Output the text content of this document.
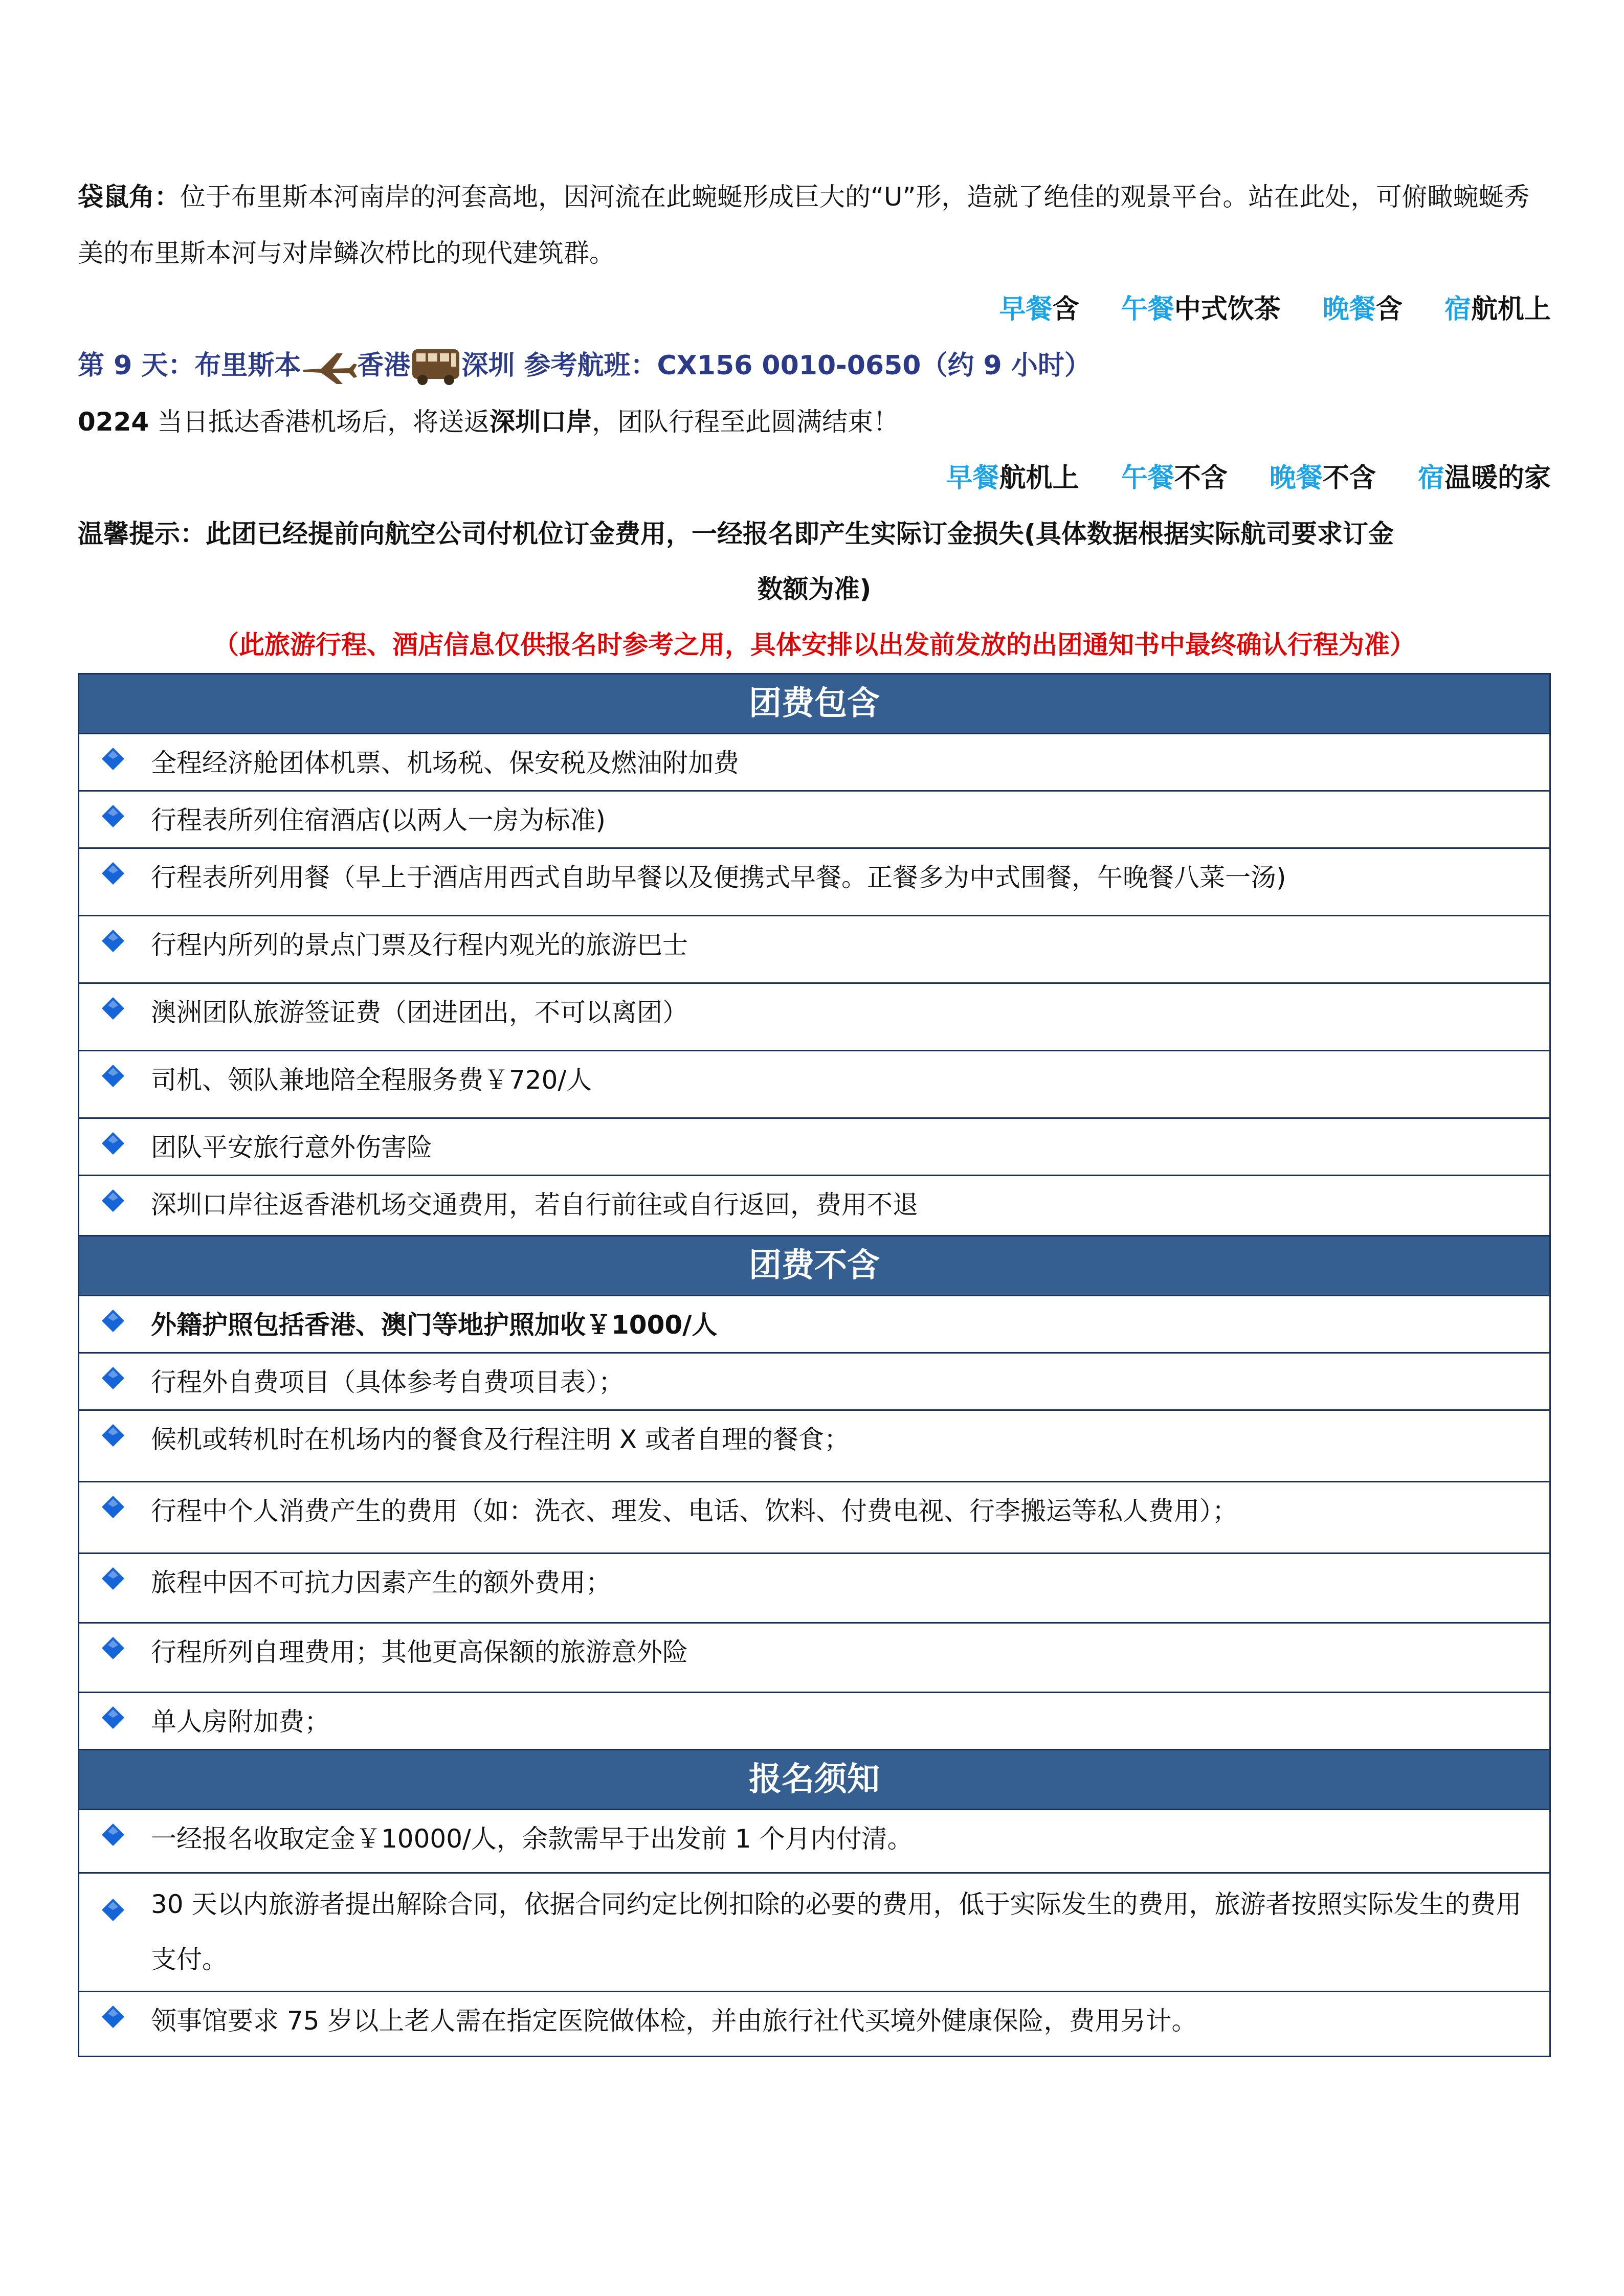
袋鼠角：位于布里斯本河南岸的河套高地，因河流在此蜿蜒形成巨大的“U”形，造就了绝佳的观景平台。站在此处，可俯瞰蜿蜒秀美的布里斯本河与对岸鳞次栉比的现代建筑群。

早餐含 午餐中式饮茶 晚餐含 宿航机上
第 9 天：布里斯本 香港 深圳 参考航班：CX156 0010-0650（约 9 小时）

0224 当日抵达香港机场后，将送返深圳口岸，团队行程至此圆满结束！

早餐航机上 午餐不含 晚餐不含 宿温暖的家

温馨提示：此团已经提前向航空公司付机位订金费用，一经报名即产生实际订金损失(具体数据根据实际航司要求订金
数额为准)

（此旅游行程、酒店信息仅供报名时参考之用，具体安排以出发前发放的出团通知书中最终确认行程为准）
团费包含
全程经济舱团体机票、机场税、保安税及燃油附加费
行程表所列住宿酒店(以两人一房为标准)
行程表所列用餐（早上于酒店用西式自助早餐以及便携式早餐。正餐多为中式围餐，午晚餐八菜一汤)
行程内所列的景点门票及行程内观光的旅游巴士
澳洲团队旅游签证费（团进团出，不可以离团）
司机、领队兼地陪全程服务费￥720/人
团队平安旅行意外伤害险
深圳口岸往返香港机场交通费用，若自行前往或自行返回，费用不退
团费不含
外籍护照包括香港、澳门等地护照加收￥1000/人
行程外自费项目（具体参考自费项目表）；
候机或转机时在机场内的餐食及行程注明 X 或者自理的餐食；
行程中个人消费产生的费用（如：洗衣、理发、电话、饮料、付费电视、行李搬运等私人费用）；
旅程中因不可抗力因素产生的额外费用；
行程所列自理费用；其他更高保额的旅游意外险
单人房附加费；
报名须知
一经报名收取定金￥10000/人，余款需早于出发前 1 个月内付清。
30 天以内旅游者提出解除合同，依据合同约定比例扣除的必要的费用，低于实际发生的费用，旅游者按照实际发生的费用支付。
领事馆要求 75 岁以上老人需在指定医院做体检，并由旅行社代买境外健康保险，费用另计。
